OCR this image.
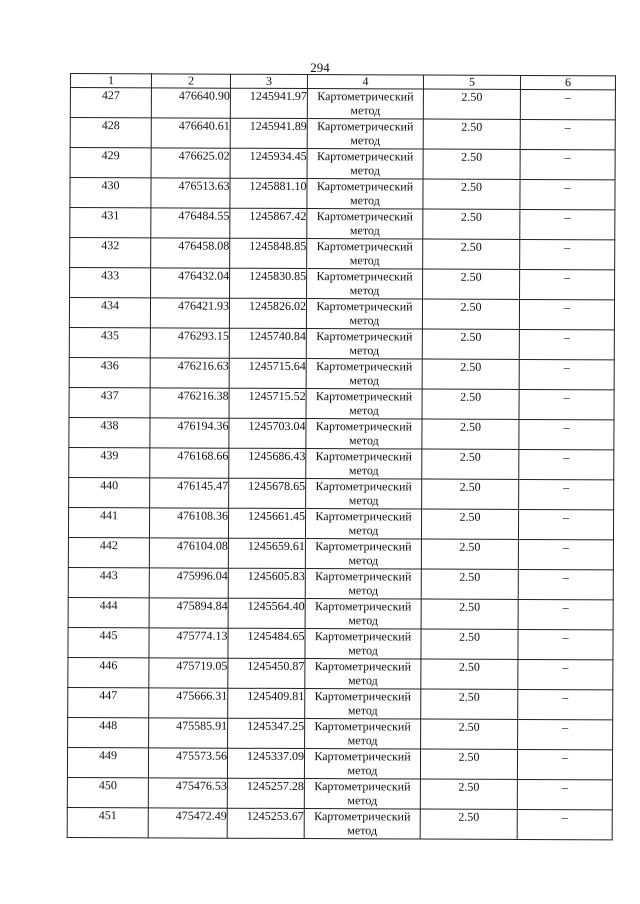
294
1	2	3	4	5	6
427	476640.90	1245941.97	Картометрический метод	2.50	–
428	476640.61	1245941.89	Картометрический метод	2.50	–
429	476625.02	1245934.45	Картометрический метод	2.50	–
430	476513.63	1245881.10	Картометрический метод	2.50	–
431	476484.55	1245867.42	Картометрический метод	2.50	–
432	476458.08	1245848.85	Картометрический метод	2.50	–
433	476432.04	1245830.85	Картометрический метод	2.50	–
434	476421.93	1245826.02	Картометрический метод	2.50	–
435	476293.15	1245740.84	Картометрический метод	2.50	–
436	476216.63	1245715.64	Картометрический метод	2.50	–
437	476216.38	1245715.52	Картометрический метод	2.50	–
438	476194.36	1245703.04	Картометрический метод	2.50	–
439	476168.66	1245686.43	Картометрический метод	2.50	–
440	476145.47	1245678.65	Картометрический метод	2.50	–
441	476108.36	1245661.45	Картометрический метод	2.50	–
442	476104.08	1245659.61	Картометрический метод	2.50	–
443	475996.04	1245605.83	Картометрический метод	2.50	–
444	475894.84	1245564.40	Картометрический метод	2.50	–
445	475774.13	1245484.65	Картометрический метод	2.50	–
446	475719.05	1245450.87	Картометрический метод	2.50	–
447	475666.31	1245409.81	Картометрический метод	2.50	–
448	475585.91	1245347.25	Картометрический метод	2.50	–
449	475573.56	1245337.09	Картометрический метод	2.50	–
450	475476.53	1245257.28	Картометрический метод	2.50	–
451	475472.49	1245253.67	Картометрический метод	2.50	–
